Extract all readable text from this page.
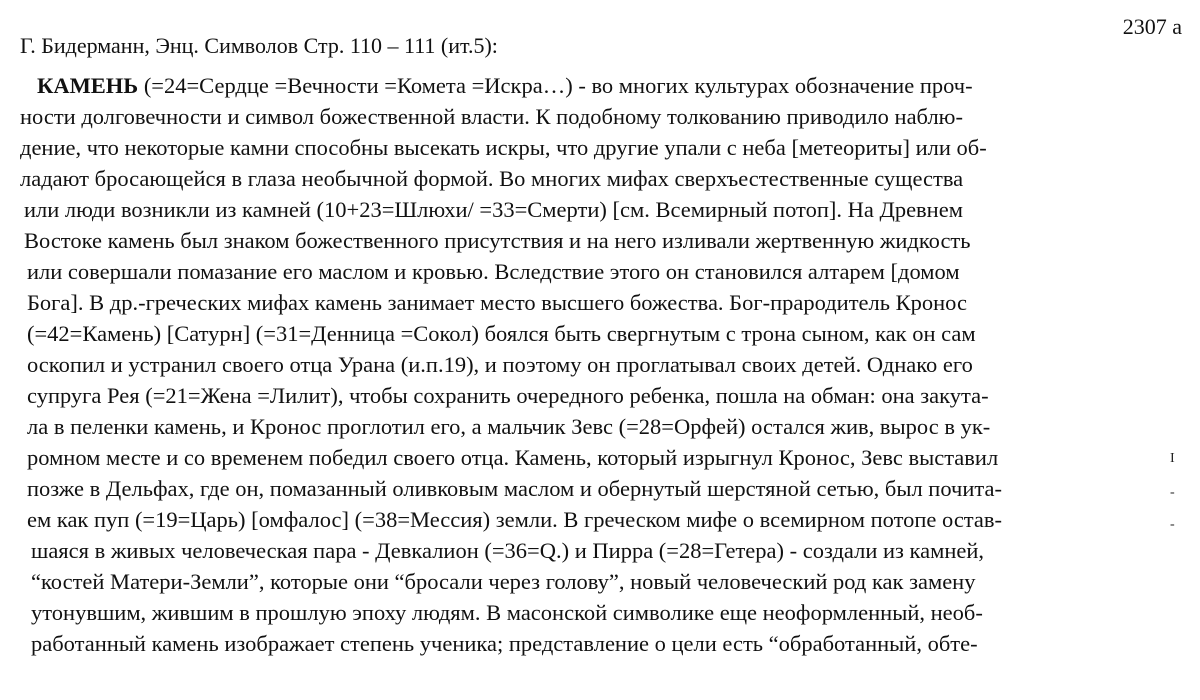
2307 а
Г. Бидерманн, Энц. Символов Стр. 110 – 111 (ит.5):
КАМЕНЬ (=24=Сердце =Вечности =Комета =Искра…) - во многих культурах обозначение проч-
ности долговечности и символ божественной власти. К подобному толкованию приводило наблю-
дение, что некоторые камни способны высекать искры, что другие упали с неба [метеориты] или об-
ладают бросающейся в глаза необычной формой. Во многих мифах сверхъестественные существа
или люди возникли из камней (10+23=Шлюхи/ =33=Смерти) [см. Всемирный потоп]. На Древнем
Востоке камень был знаком божественного присутствия и на него изливали жертвенную жидкость
или совершали помазание его маслом и кровью. Вследствие этого он становился алтарем [домом
Бога]. В др.-греческих мифах камень занимает место высшего божества. Бог-прародитель Кронос
(=42=Камень) [Сатурн] (=31=Денница =Сокол) боялся быть свергнутым с трона сыном, как он сам
оскопил и устранил своего отца Урана (и.п.19), и поэтому он проглатывал своих детей. Однако его
супруга Рея (=21=Жена =Лилит), чтобы сохранить очередного ребенка, пошла на обман: она закута-
ла в пеленки камень, и Кронос проглотил его, а мальчик Зевс (=28=Орфей) остался жив, вырос в ук-
ромном месте и со временем победил своего отца. Камень, который изрыгнул Кронос, Зевс выставил
позже в Дельфах, где он, помазанный оливковым маслом и обернутый шерстяной сетью, был почита-
ем как пуп (=19=Царь) [омфалос] (=38=Мессия) земли. В греческом мифе о всемирном потопе остав-
шаяся в живых человеческая пара - Девкалион (=36=Q.) и Пирра (=28=Гетера) - создали из камней,
“костей Матери-Земли”, которые они “бросали через голову”, новый человеческий род как замену
утонувшим, жившим в прошлую эпоху людям. В масонской символике еще неоформленный, необ-
работанный камень изображает степень ученика; представление о цели есть “обработанный, обте-
I
-
-
